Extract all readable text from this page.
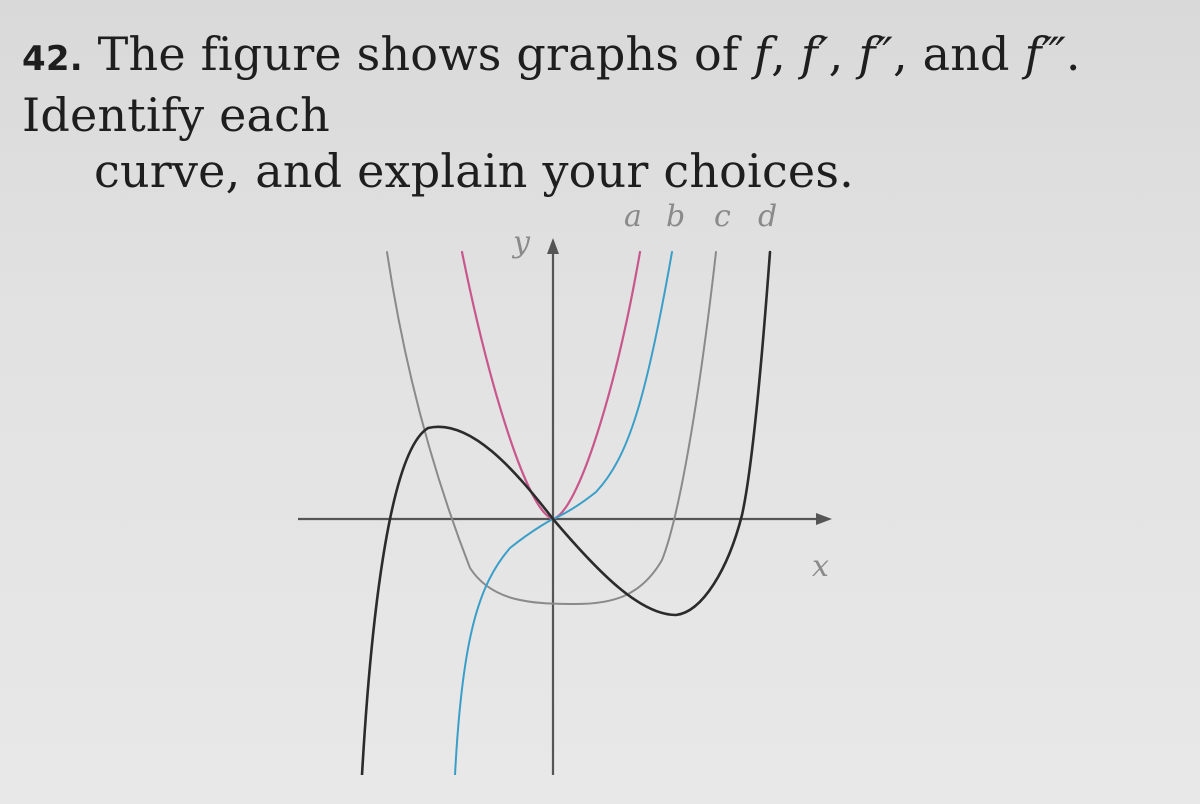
42. The figure shows graphs of f, f′, f″, and f‴. Identify each
curve, and explain your choices.
y
x
a b c d
